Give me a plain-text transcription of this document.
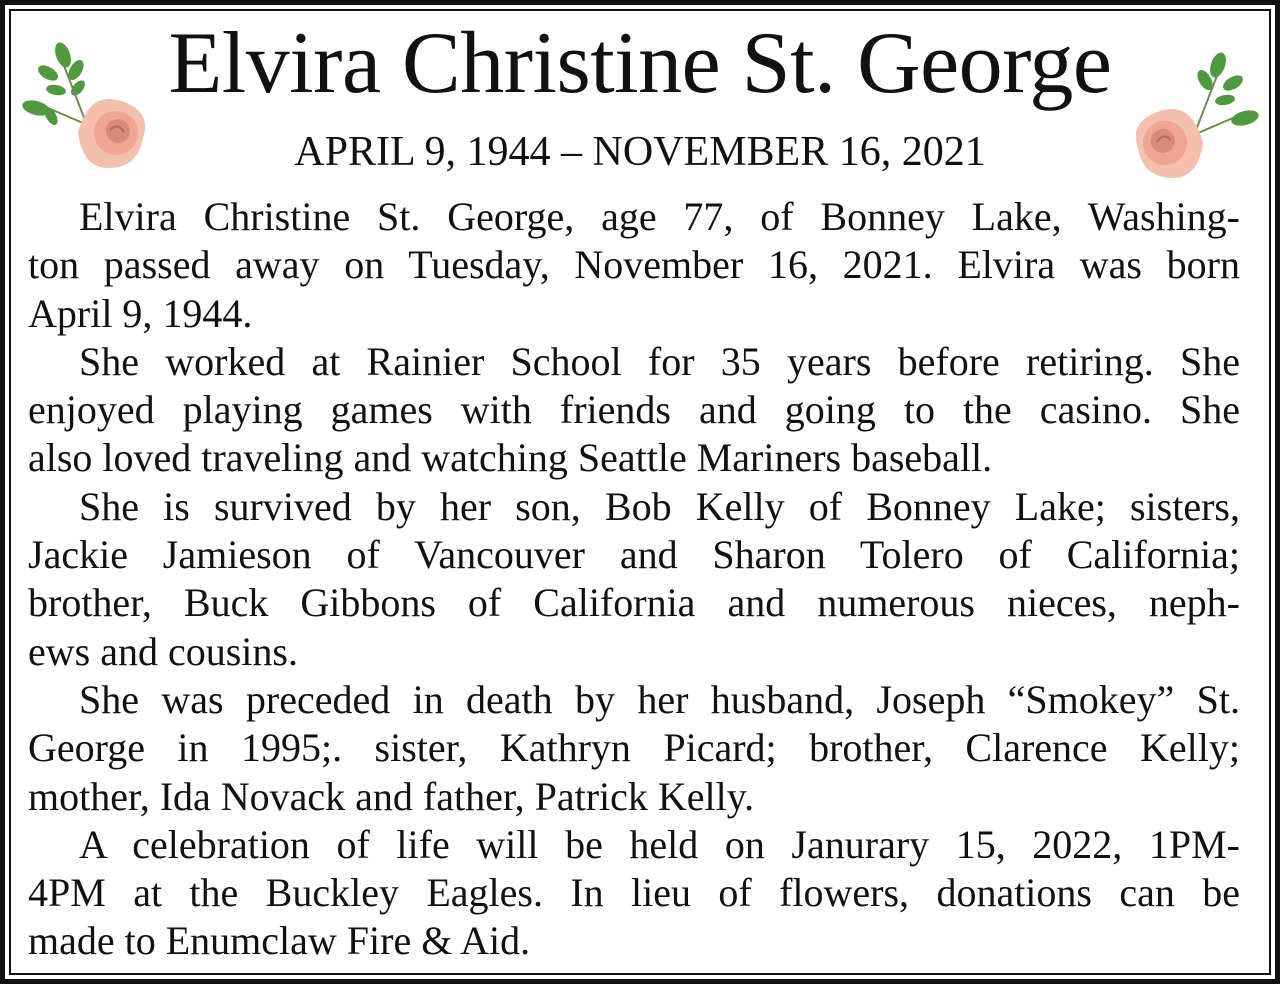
Elvira Christine St. George
APRIL 9, 1944 – NOVEMBER 16, 2021
Elvira Christine St. George, age 77, of Bonney Lake, Washing-
ton passed away on Tuesday, November 16, 2021. Elvira was born
April 9, 1944.
She worked at Rainier School for 35 years before retiring. She
enjoyed playing games with friends and going to the casino. She
also loved traveling and watching Seattle Mariners baseball.
She is survived by her son, Bob Kelly of Bonney Lake; sisters,
Jackie Jamieson of Vancouver and Sharon Tolero of California;
brother, Buck Gibbons of California and numerous nieces, neph-
ews and cousins.
She was preceded in death by her husband, Joseph “Smokey” St.
George in 1995;. sister, Kathryn Picard; brother, Clarence Kelly;
mother, Ida Novack and father, Patrick Kelly.
A celebration of life will be held on Janurary 15, 2022, 1PM-
4PM at the Buckley Eagles. In lieu of flowers, donations can be
made to Enumclaw Fire & Aid.
